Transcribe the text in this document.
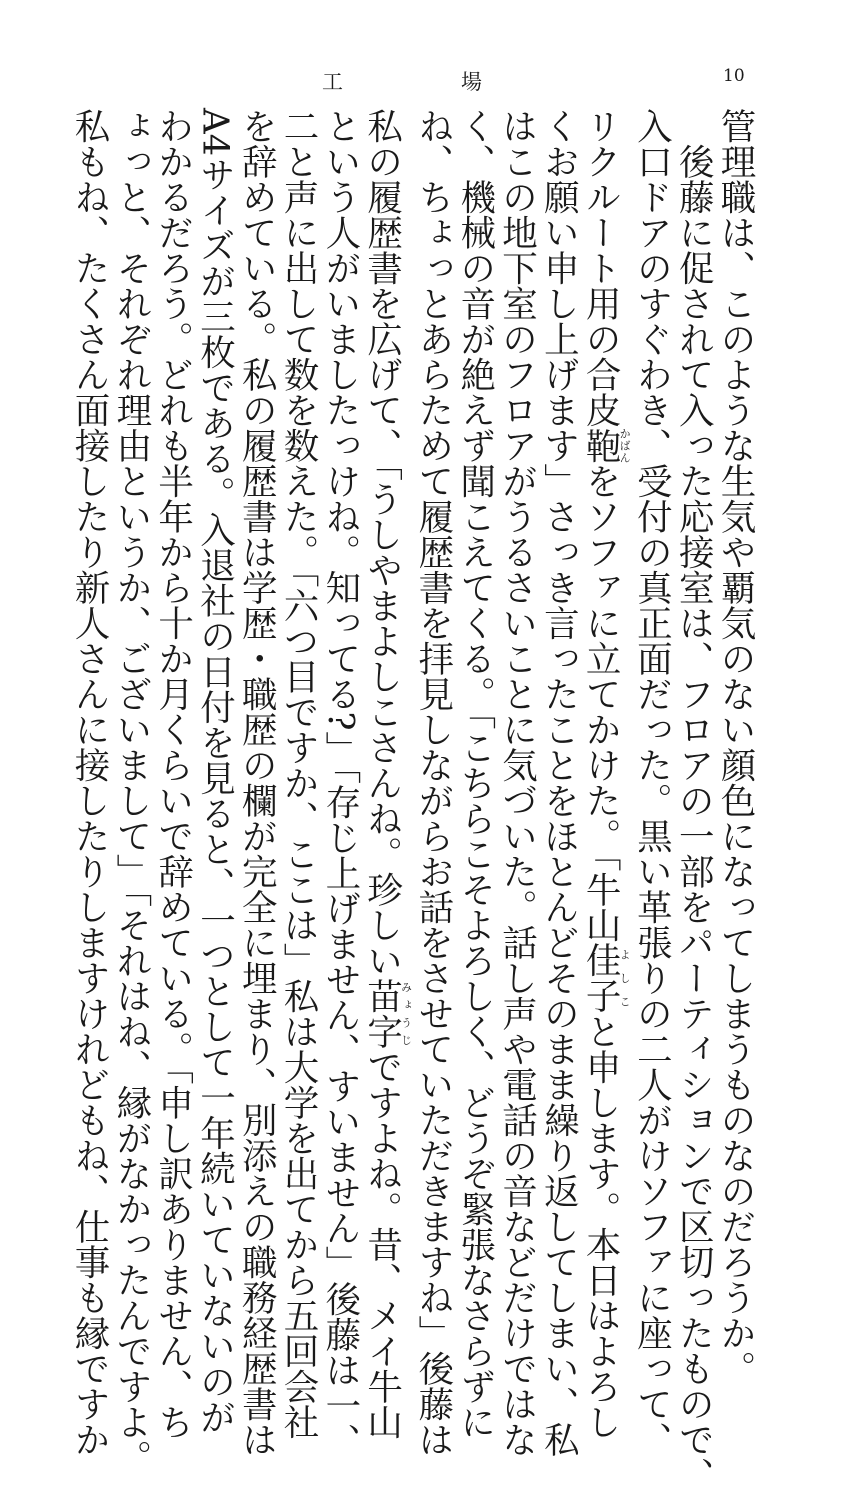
工場	10
管理職は、このような生気や覇気のない顔色になってしまうものなのだろうか。
　後藤に促されて入った応接室は、フロアの一部をパーティションで区切ったもので、
入口ドアのすぐわき、受付の真正面だった。黒い革張りの二人がけソファに座って、
リクルート用の合皮鞄かばんをソファに立てかけた。「牛山佳子よしこと申します。本日はよろし
くお願い申し上げます」さっき言ったことをほとんどそのまま繰り返してしまい、私
はこの地下室のフロアがうるさいことに気づいた。話し声や電話の音などだけではな
く、機械の音が絶えず聞こえてくる。「こちらこそよろしく、どうぞ緊張なさらずに
ね、ちょっとあらためて履歴書を拝見しながらお話をさせていただきますね」後藤は
私の履歴書を広げて、「うしやまよしこさんね。珍しい苗字みょうじですよね。昔、メイ牛山
という人がいましたっけね。知ってる?」「存じ上げません、すいません」後藤は一、
二と声に出して数を数えた。「六つ目ですか、ここは」私は大学を出てから五回会社
を辞めている。私の履歴書は学歴・職歴の欄が完全に埋まり、別添えの職務経歴書は
A4サイズが三枚である。入退社の日付を見ると、一つとして一年続いていないのが
わかるだろう。どれも半年から十か月くらいで辞めている。「申し訳ありません、ち
ょっと、それぞれ理由というか、ございまして」「それはね、縁がなかったんですよ。
私もね、たくさん面接したり新人さんに接したりしますけれどもね、仕事も縁ですか
